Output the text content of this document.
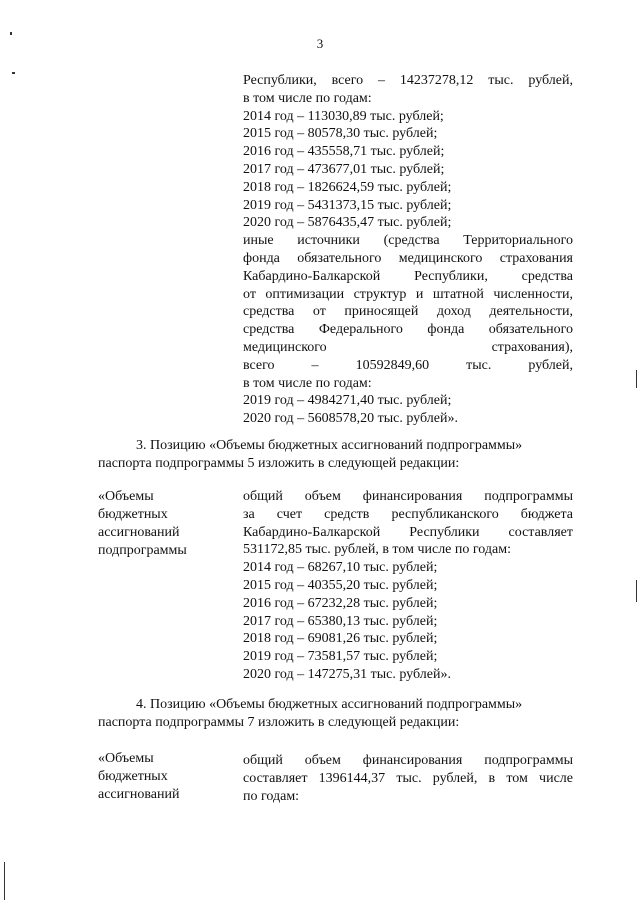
3
Республики, всего – 14237278,12 тыс. рублей,
в том числе по годам:
2014 год – 113030,89 тыс. рублей;
2015 год – 80578,30 тыс. рублей;
2016 год – 435558,71 тыс. рублей;
2017 год – 473677,01 тыс. рублей;
2018 год – 1826624,59 тыс. рублей;
2019 год – 5431373,15 тыс. рублей;
2020 год – 5876435,47 тыс. рублей;
иные источники (средства Территориального
фонда обязательного медицинского страхования
Кабардино-Балкарской Республики, средства
от оптимизации структур и штатной численности,
средства от приносящей доход деятельности,
средства Федерального фонда обязательного
медицинского страхования),
всего – 10592849,60 тыс. рублей,
в том числе по годам:
2019 год – 4984271,40 тыс. рублей;
2020 год – 5608578,20 тыс. рублей».
3. Позицию «Объемы бюджетных ассигнований подпрограммы»
паспорта подпрограммы 5 изложить в следующей редакции:
«Объемы
бюджетных
ассигнований
подпрограммы
общий объем финансирования подпрограммы
за счет средств республиканского бюджета
Кабардино-Балкарской Республики составляет
531172,85 тыс. рублей, в том числе по годам:
2014 год – 68267,10 тыс. рублей;
2015 год – 40355,20 тыс. рублей;
2016 год – 67232,28 тыс. рублей;
2017 год – 65380,13 тыс. рублей;
2018 год – 69081,26 тыс. рублей;
2019 год – 73581,57 тыс. рублей;
2020 год – 147275,31 тыс. рублей».
4. Позицию «Объемы бюджетных ассигнований подпрограммы»
паспорта подпрограммы 7 изложить в следующей редакции:
«Объемы
бюджетных
ассигнований
общий объем финансирования подпрограммы
составляет 1396144,37 тыс. рублей, в том числе
по годам:
